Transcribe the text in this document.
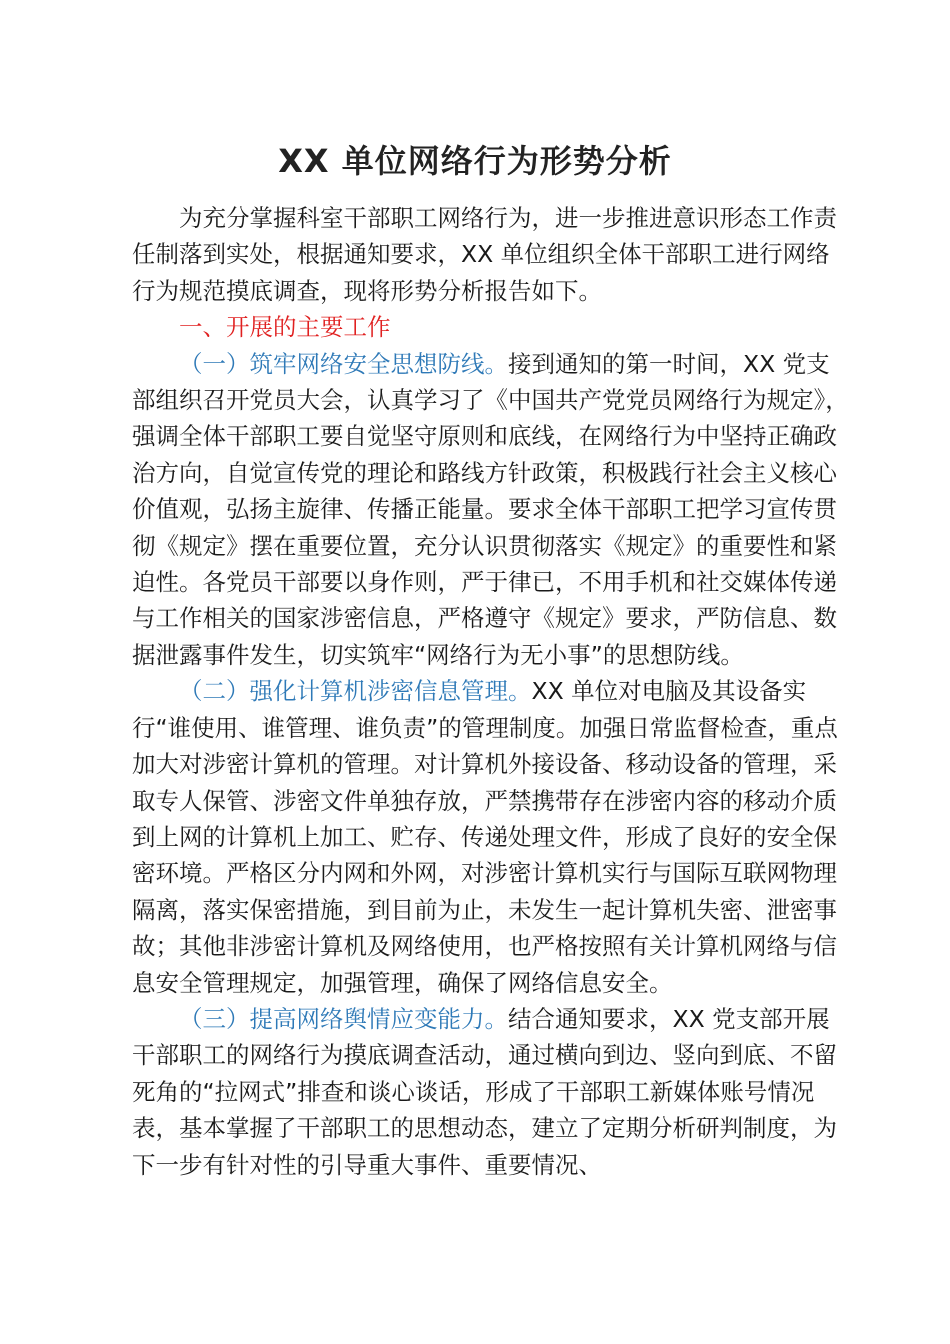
XX 单位网络行为形势分析

为充分掌握科室干部职工网络行为，进一步推进意识形态工作责任制落到实处，根据通知要求，XX 单位组织全体干部职工进行网络行为规范摸底调查，现将形势分析报告如下。

一、开展的主要工作

（一）筑牢网络安全思想防线。接到通知的第一时间，XX 党支部组织召开党员大会，认真学习了《中国共产党党员网络行为规定》，强调全体干部职工要自觉坚守原则和底线，在网络行为中坚持正确政治方向，自觉宣传党的理论和路线方针政策，积极践行社会主义核心价值观，弘扬主旋律、传播正能量。要求全体干部职工把学习宣传贯彻《规定》摆在重要位置，充分认识贯彻落实《规定》的重要性和紧迫性。各党员干部要以身作则，严于律已，不用手机和社交媒体传递与工作相关的国家涉密信息，严格遵守《规定》要求，严防信息、数据泄露事件发生，切实筑牢“网络行为无小事”的思想防线。

（二）强化计算机涉密信息管理。XX 单位对电脑及其设备实行“谁使用、谁管理、谁负责”的管理制度。加强日常监督检查，重点加大对涉密计算机的管理。对计算机外接设备、移动设备的管理，采取专人保管、涉密文件单独存放，严禁携带存在涉密内容的移动介质到上网的计算机上加工、贮存、传递处理文件，形成了良好的安全保密环境。严格区分内网和外网，对涉密计算机实行与国际互联网物理隔离，落实保密措施，到目前为止，未发生一起计算机失密、泄密事故；其他非涉密计算机及网络使用，也严格按照有关计算机网络与信息安全管理规定，加强管理，确保了网络信息安全。

（三）提高网络舆情应变能力。结合通知要求，XX 党支部开展干部职工的网络行为摸底调查活动，通过横向到边、竖向到底、不留死角的“拉网式”排查和谈心谈话，形成了干部职工新媒体账号情况表，基本掌握了干部职工的思想动态，建立了定期分析研判制度，为下一步有针对性的引导重大事件、重要情况、
